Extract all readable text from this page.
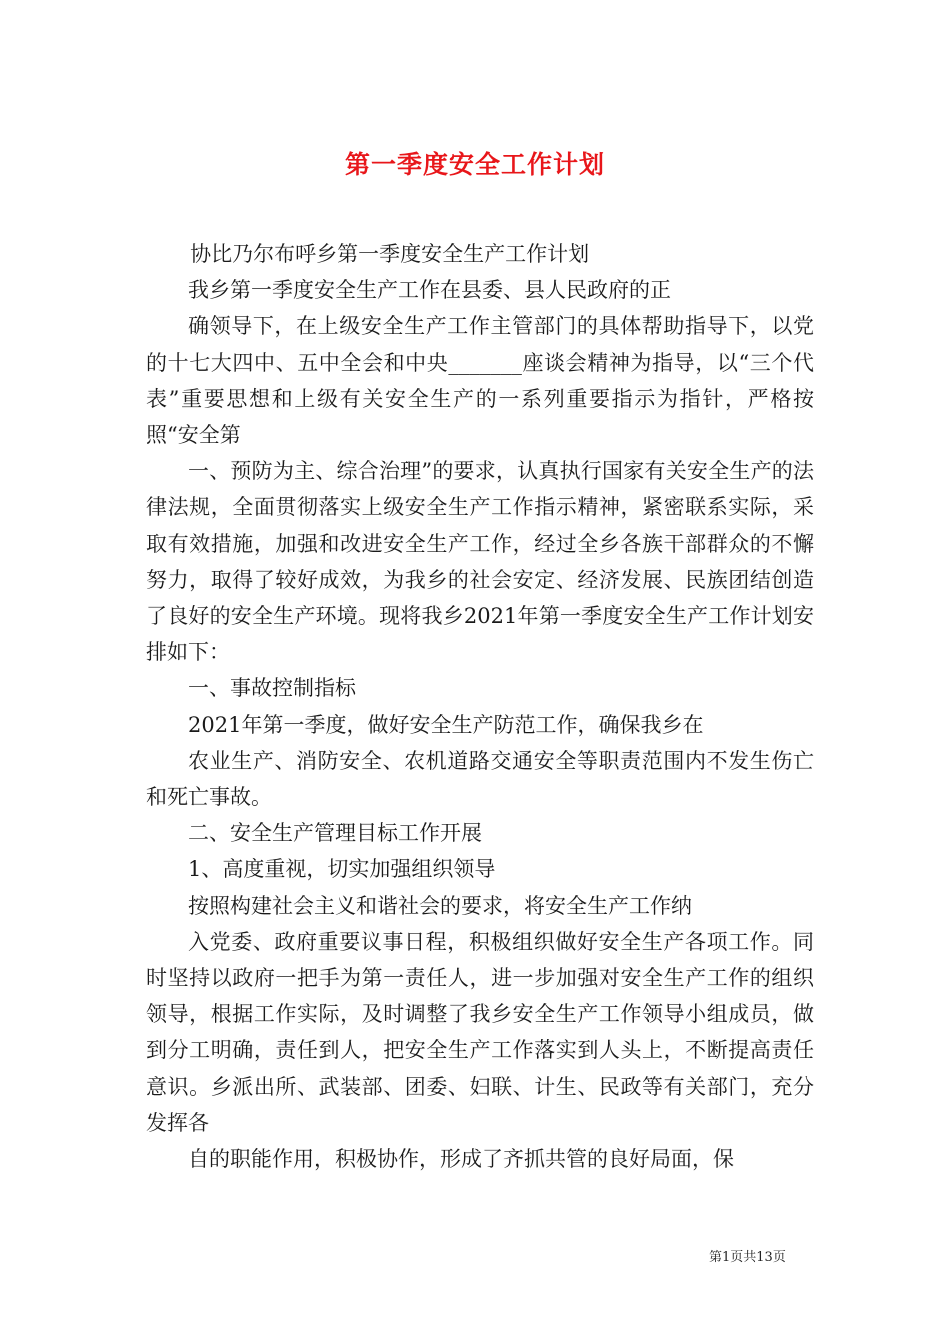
第一季度安全工作计划

协比乃尔布呼乡第一季度安全生产工作计划

我乡第一季度安全生产工作在县委、县人民政府的正

确领导下，在上级安全生产工作主管部门的具体帮助指导下，以党的十七大四中、五中全会和中央_______座谈会精神为指导，以“三个代表”重要思想和上级有关安全生产的一系列重要指示为指针，严格按照“安全第

一、预防为主、综合治理”的要求，认真执行国家有关安全生产的法律法规，全面贯彻落实上级安全生产工作指示精神，紧密联系实际，采取有效措施，加强和改进安全生产工作，经过全乡各族干部群众的不懈努力，取得了较好成效，为我乡的社会安定、经济发展、民族团结创造了良好的安全生产环境。现将我乡2021年第一季度安全生产工作计划安排如下：

一、事故控制指标

2021年第一季度，做好安全生产防范工作，确保我乡在

农业生产、消防安全、农机道路交通安全等职责范围内不发生伤亡和死亡事故。

二、安全生产管理目标工作开展

1、高度重视，切实加强组织领导

按照构建社会主义和谐社会的要求，将安全生产工作纳

入党委、政府重要议事日程，积极组织做好安全生产各项工作。同时坚持以政府一把手为第一责任人，进一步加强对安全生产工作的组织领导，根据工作实际，及时调整了我乡安全生产工作领导小组成员，做到分工明确，责任到人，把安全生产工作落实到人头上，不断提高责任意识。乡派出所、武装部、团委、妇联、计生、民政等有关部门，充分发挥各

自的职能作用，积极协作，形成了齐抓共管的良好局面，保

第1页共13页
